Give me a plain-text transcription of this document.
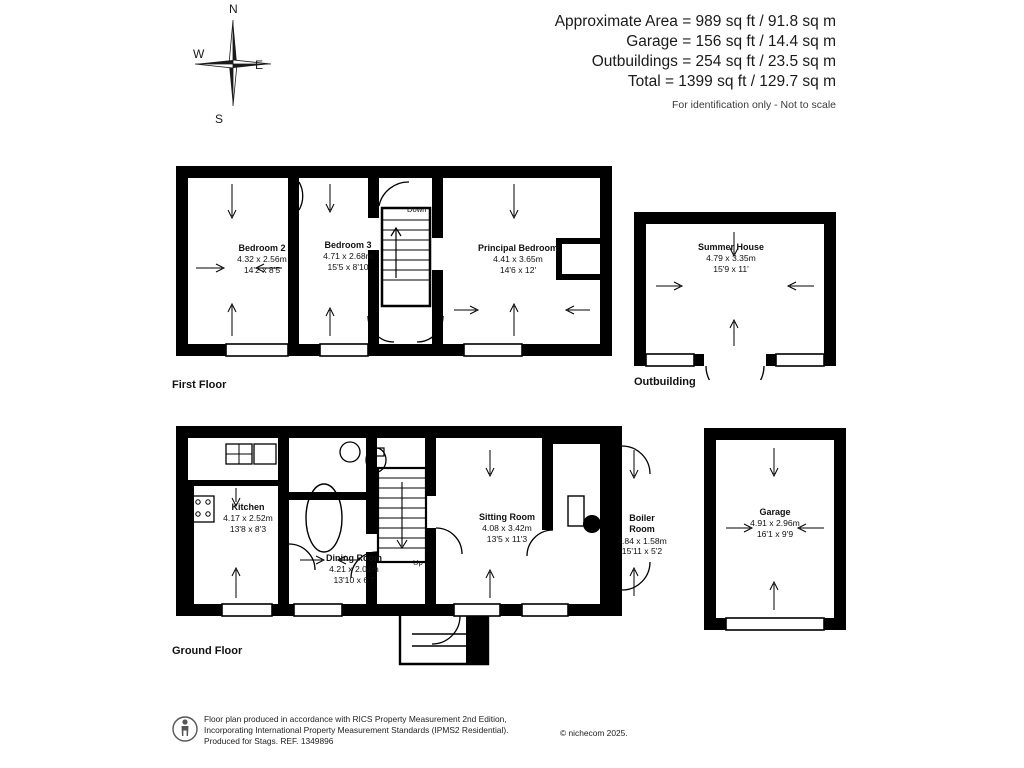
N
E
S
W
Approximate Area = 989 sq ft / 91.8 sq m
Garage = 156 sq ft / 14.4 sq m
Outbuildings = 254 sq ft / 23.5 sq m
Total = 1399 sq ft / 129.7 sq m
For identification only - Not to scale
Bedroom 2
4.32 x 2.56m
14'2 x 8'5
Bedroom 3
4.71 x 2.68m
15'5 x 8'10
Principal Bedroom
4.41 x 3.65m
14'6 x 12'
Down
First Floor
Summer House
4.79 x 3.35m
15'9 x 11'
Outbuilding
Kitchen
4.17 x 2.52m
13'8 x 8'3
Dining Room
4.21 x 2.01m
13'10 x 6'7
Sitting Room
4.08 x 3.42m
13'5 x 11'3
Boiler
Room
4.84 x 1.58m
15'11 x 5'2
Up
Ground Floor
Garage
4.91 x 2.96m
16'1 x 9'9
Floor plan produced in accordance with RICS Property Measurement 2nd Edition,
Incorporating International Property Measurement Standards (IPMS2 Residential).
Produced for Stags. REF. 1349896
© nichecom 2025.
